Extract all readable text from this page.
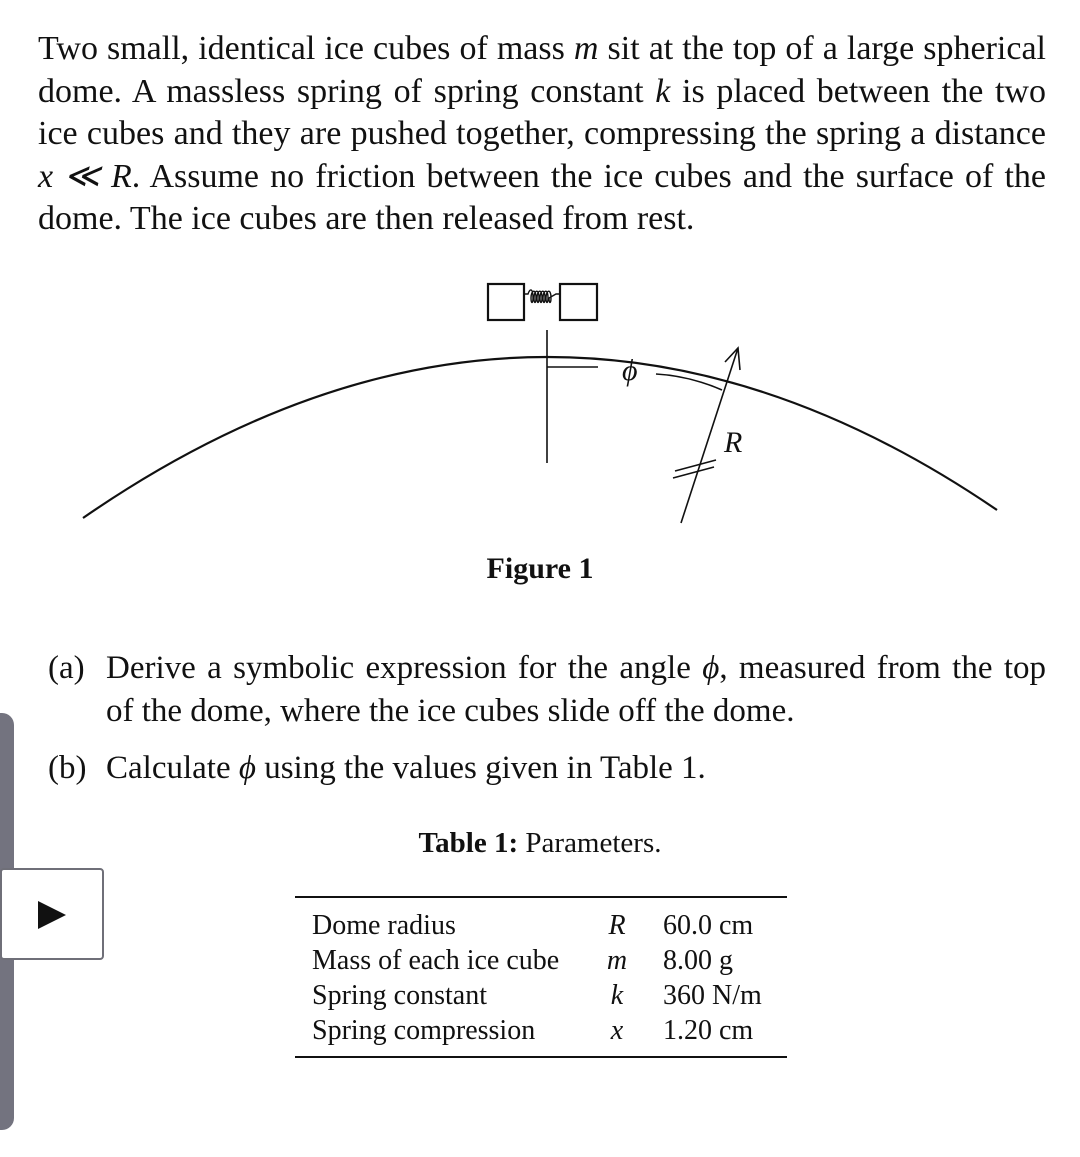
Two small, identical ice cubes of mass m sit at the top of a large spherical dome. A massless spring of spring constant k is placed between the two ice cubes and they are pushed together, compressing the spring a distance x ≪ R. Assume no friction between the ice cubes and the surface of the dome. The ice cubes are then released from rest.

ϕ
R
Figure 1
(a) Derive a symbolic expression for the angle ϕ, measured from the top of the dome, where the ice cubes slide off the dome.
(b) Calculate ϕ using the values given in Table 1.
Table 1: Parameters.
Dome radius	R	60.0 cm
Mass of each ice cube	m	8.00 g
Spring constant	k	360 N/m
Spring compression	x	1.20 cm
